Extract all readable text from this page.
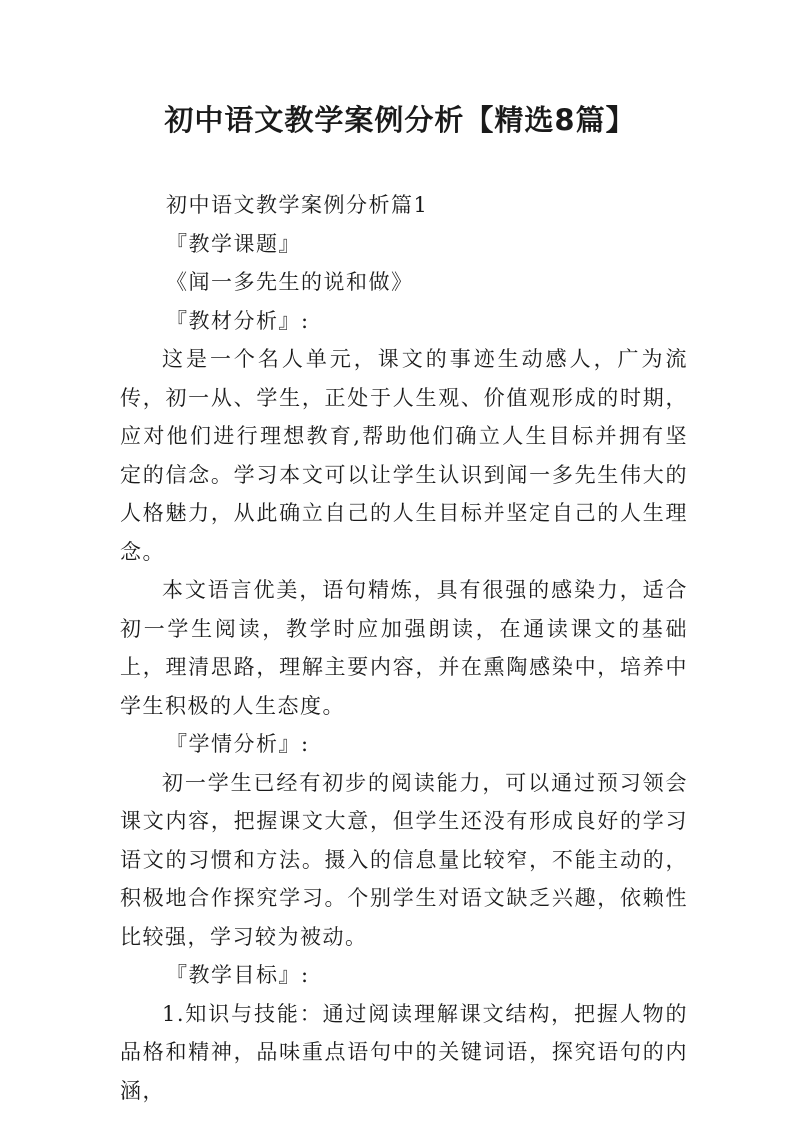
初中语文教学案例分析【精选8篇】

初中语文教学案例分析篇1

『教学课题』

《闻一多先生的说和做》

『教材分析』:

这是一个名人单元，课文的事迹生动感人，广为流传，初一从、学生，正处于人生观、价值观形成的时期，应对他们进行理想教育,帮助他们确立人生目标并拥有坚定的信念。学习本文可以让学生认识到闻一多先生伟大的人格魅力，从此确立自己的人生目标并坚定自己的人生理念。

本文语言优美，语句精炼，具有很强的感染力，适合初一学生阅读，教学时应加强朗读，在通读课文的基础上，理清思路，理解主要内容，并在熏陶感染中，培养中学生积极的人生态度。

『学情分析』:

初一学生已经有初步的阅读能力，可以通过预习领会课文内容，把握课文大意，但学生还没有形成良好的学习语文的习惯和方法。摄入的信息量比较窄，不能主动的，积极地合作探究学习。个别学生对语文缺乏兴趣，依赖性比较强，学习较为被动。

『教学目标』:

1.知识与技能：通过阅读理解课文结构，把握人物的品格和精神，品味重点语句中的关键词语，探究语句的内涵，
